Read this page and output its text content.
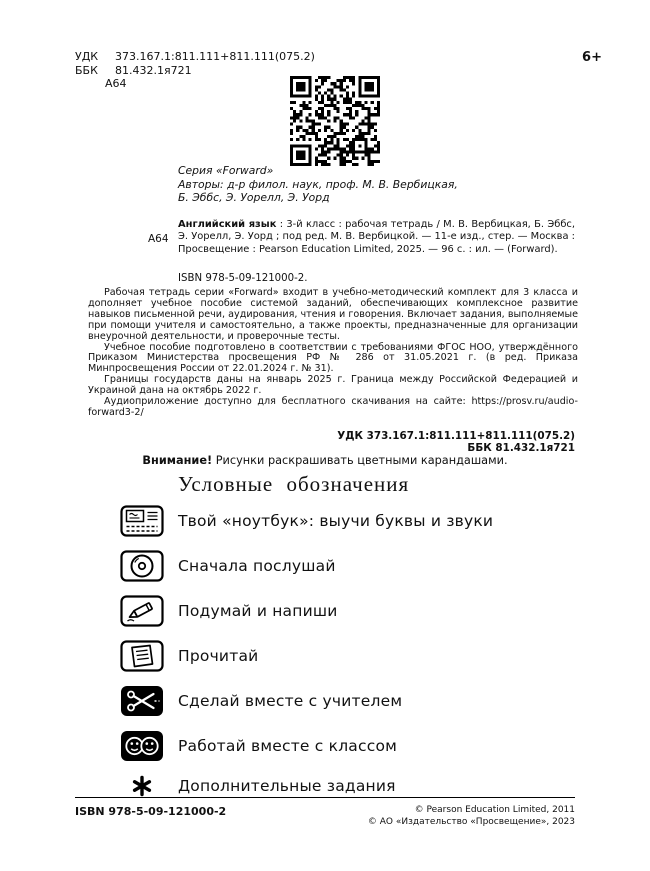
УДК	373.167.1:811.111+811.111(075.2)
ББК	81.432.1я721
А64
6+
Серия «Forward»
Авторы: д-р филол. наук, проф. М. В. Вербицкая,
Б. Эббс, Э. Уорелл, Э. Уорд
А64
Английский язык : 3-й класс : рабочая тетрадь / М. В. Вербицкая, Б. Эббс, Э. Уорелл, Э. Уорд ; под ред. М. В. Вербицкой. — 11-е изд., стер. — Москва : Просвещение : Pearson Education Limited, 2025. — 96 с. : ил. — (Forward).
ISBN 978-5-09-121000-2.

Рабочая тетрадь серии «Forward» входит в учебно-методический комплект для 3 класса и дополняет учебное пособие системой заданий, обеспечивающих комплексное развитие навыков письменной речи, аудирования, чтения и говорения. Включает задания, выполняемые при помощи учителя и самостоятельно, а также проекты, предназначенные для организации внеурочной деятельности, и проверочные тесты.

Учебное пособие подготовлено в соответствии с требованиями ФГОС НОО, утверждённого Приказом Министерства просвещения РФ № 286 от 31.05.2021 г. (в ред. Приказа Минпросвещения России от 22.01.2024 г. № 31).

Границы государств даны на январь 2025 г. Граница между Российской Федерацией и Украиной дана на октябрь 2022 г.

Аудиоприложение доступно для бесплатного скачивания на сайте: https://prosv.ru/audio-forward3-2/

УДК 373.167.1:811.111+811.111(075.2)
ББК 81.432.1я721
Внимание! Рисунки раскрашивать цветными карандашами.
Условные обозначения
Твой «ноутбук»: выучи буквы и звуки
Сначала послушай
Подумай и напиши
Прочитай
Сделай вместе с учителем
Работай вместе с классом
Дополнительные задания
ISBN 978-5-09-121000-2	© Pearson Education Limited, 2011
© АО «Издательство «Просвещение», 2023
